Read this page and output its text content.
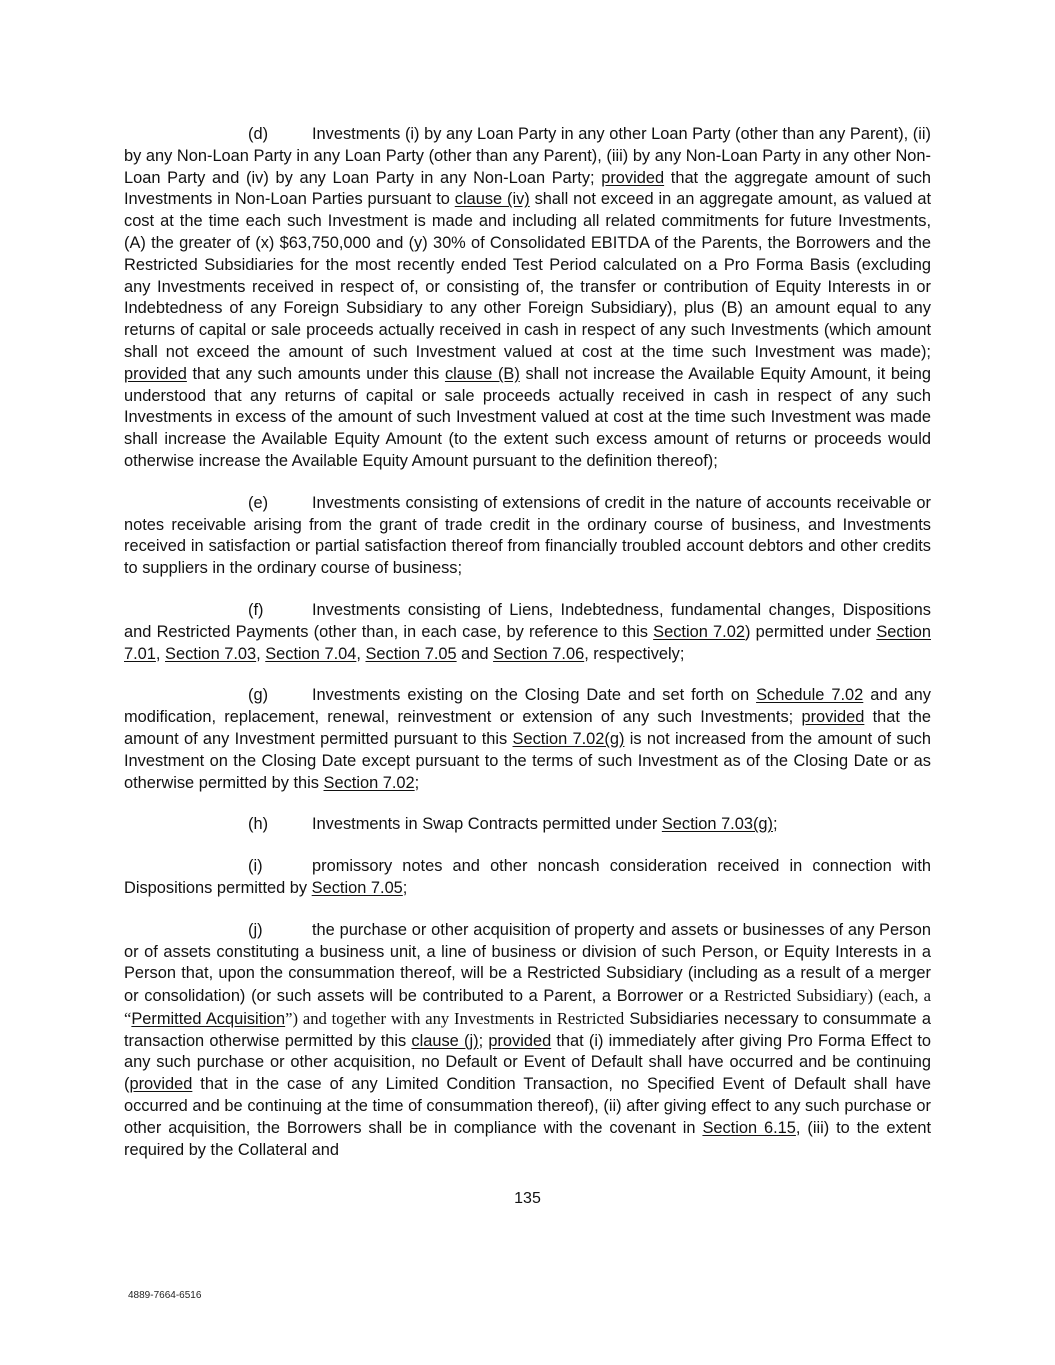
(d)	Investments (i) by any Loan Party in any other Loan Party (other than any Parent), (ii) by any Non-Loan Party in any Loan Party (other than any Parent), (iii) by any Non-Loan Party in any other Non-Loan Party and (iv) by any Loan Party in any Non-Loan Party; provided that the aggregate amount of such Investments in Non-Loan Parties pursuant to clause (iv) shall not exceed in an aggregate amount, as valued at cost at the time each such Investment is made and including all related commitments for future Investments, (A) the greater of (x) $63,750,000 and (y) 30% of Consolidated EBITDA of the Parents, the Borrowers and the Restricted Subsidiaries for the most recently ended Test Period calculated on a Pro Forma Basis (excluding any Investments received in respect of, or consisting of, the transfer or contribution of Equity Interests in or Indebtedness of any Foreign Subsidiary to any other Foreign Subsidiary), plus (B) an amount equal to any returns of capital or sale proceeds actually received in cash in respect of any such Investments (which amount shall not exceed the amount of such Investment valued at cost at the time such Investment was made); provided that any such amounts under this clause (B) shall not increase the Available Equity Amount, it being understood that any returns of capital or sale proceeds actually received in cash in respect of any such Investments in excess of the amount of such Investment valued at cost at the time such Investment was made shall increase the Available Equity Amount (to the extent such excess amount of returns or proceeds would otherwise increase the Available Equity Amount pursuant to the definition thereof);

(e)	Investments consisting of extensions of credit in the nature of accounts receivable or notes receivable arising from the grant of trade credit in the ordinary course of business, and Investments received in satisfaction or partial satisfaction thereof from financially troubled account debtors and other credits to suppliers in the ordinary course of business;

(f)	Investments consisting of Liens, Indebtedness, fundamental changes, Dispositions and Restricted Payments (other than, in each case, by reference to this Section 7.02) permitted under Section 7.01, Section 7.03, Section 7.04, Section 7.05 and Section 7.06, respectively;

(g)	Investments existing on the Closing Date and set forth on Schedule 7.02 and any modification, replacement, renewal, reinvestment or extension of any such Investments; provided that the amount of any Investment permitted pursuant to this Section 7.02(g) is not increased from the amount of such Investment on the Closing Date except pursuant to the terms of such Investment as of the Closing Date or as otherwise permitted by this Section 7.02;

(h)	Investments in Swap Contracts permitted under Section 7.03(g);

(i)	promissory notes and other noncash consideration received in connection with Dispositions permitted by Section 7.05;

(j)	the purchase or other acquisition of property and assets or businesses of any Person or of assets constituting a business unit, a line of business or division of such Person, or Equity Interests in a Person that, upon the consummation thereof, will be a Restricted Subsidiary (including as a result of a merger or consolidation) (or such assets will be contributed to a Parent, a Borrower or a Restricted Subsidiary) (each, a “Permitted Acquisition”) and together with any Investments in Restricted Subsidiaries necessary to consummate a transaction otherwise permitted by this clause (j); provided that (i) immediately after giving Pro Forma Effect to any such purchase or other acquisition, no Default or Event of Default shall have occurred and be continuing (provided that in the case of any Limited Condition Transaction, no Specified Event of Default shall have occurred and be continuing at the time of consummation thereof), (ii) after giving effect to any such purchase or other acquisition, the Borrowers shall be in compliance with the covenant in Section 6.15, (iii) to the extent required by the Collateral and

135
4889-7664-6516
